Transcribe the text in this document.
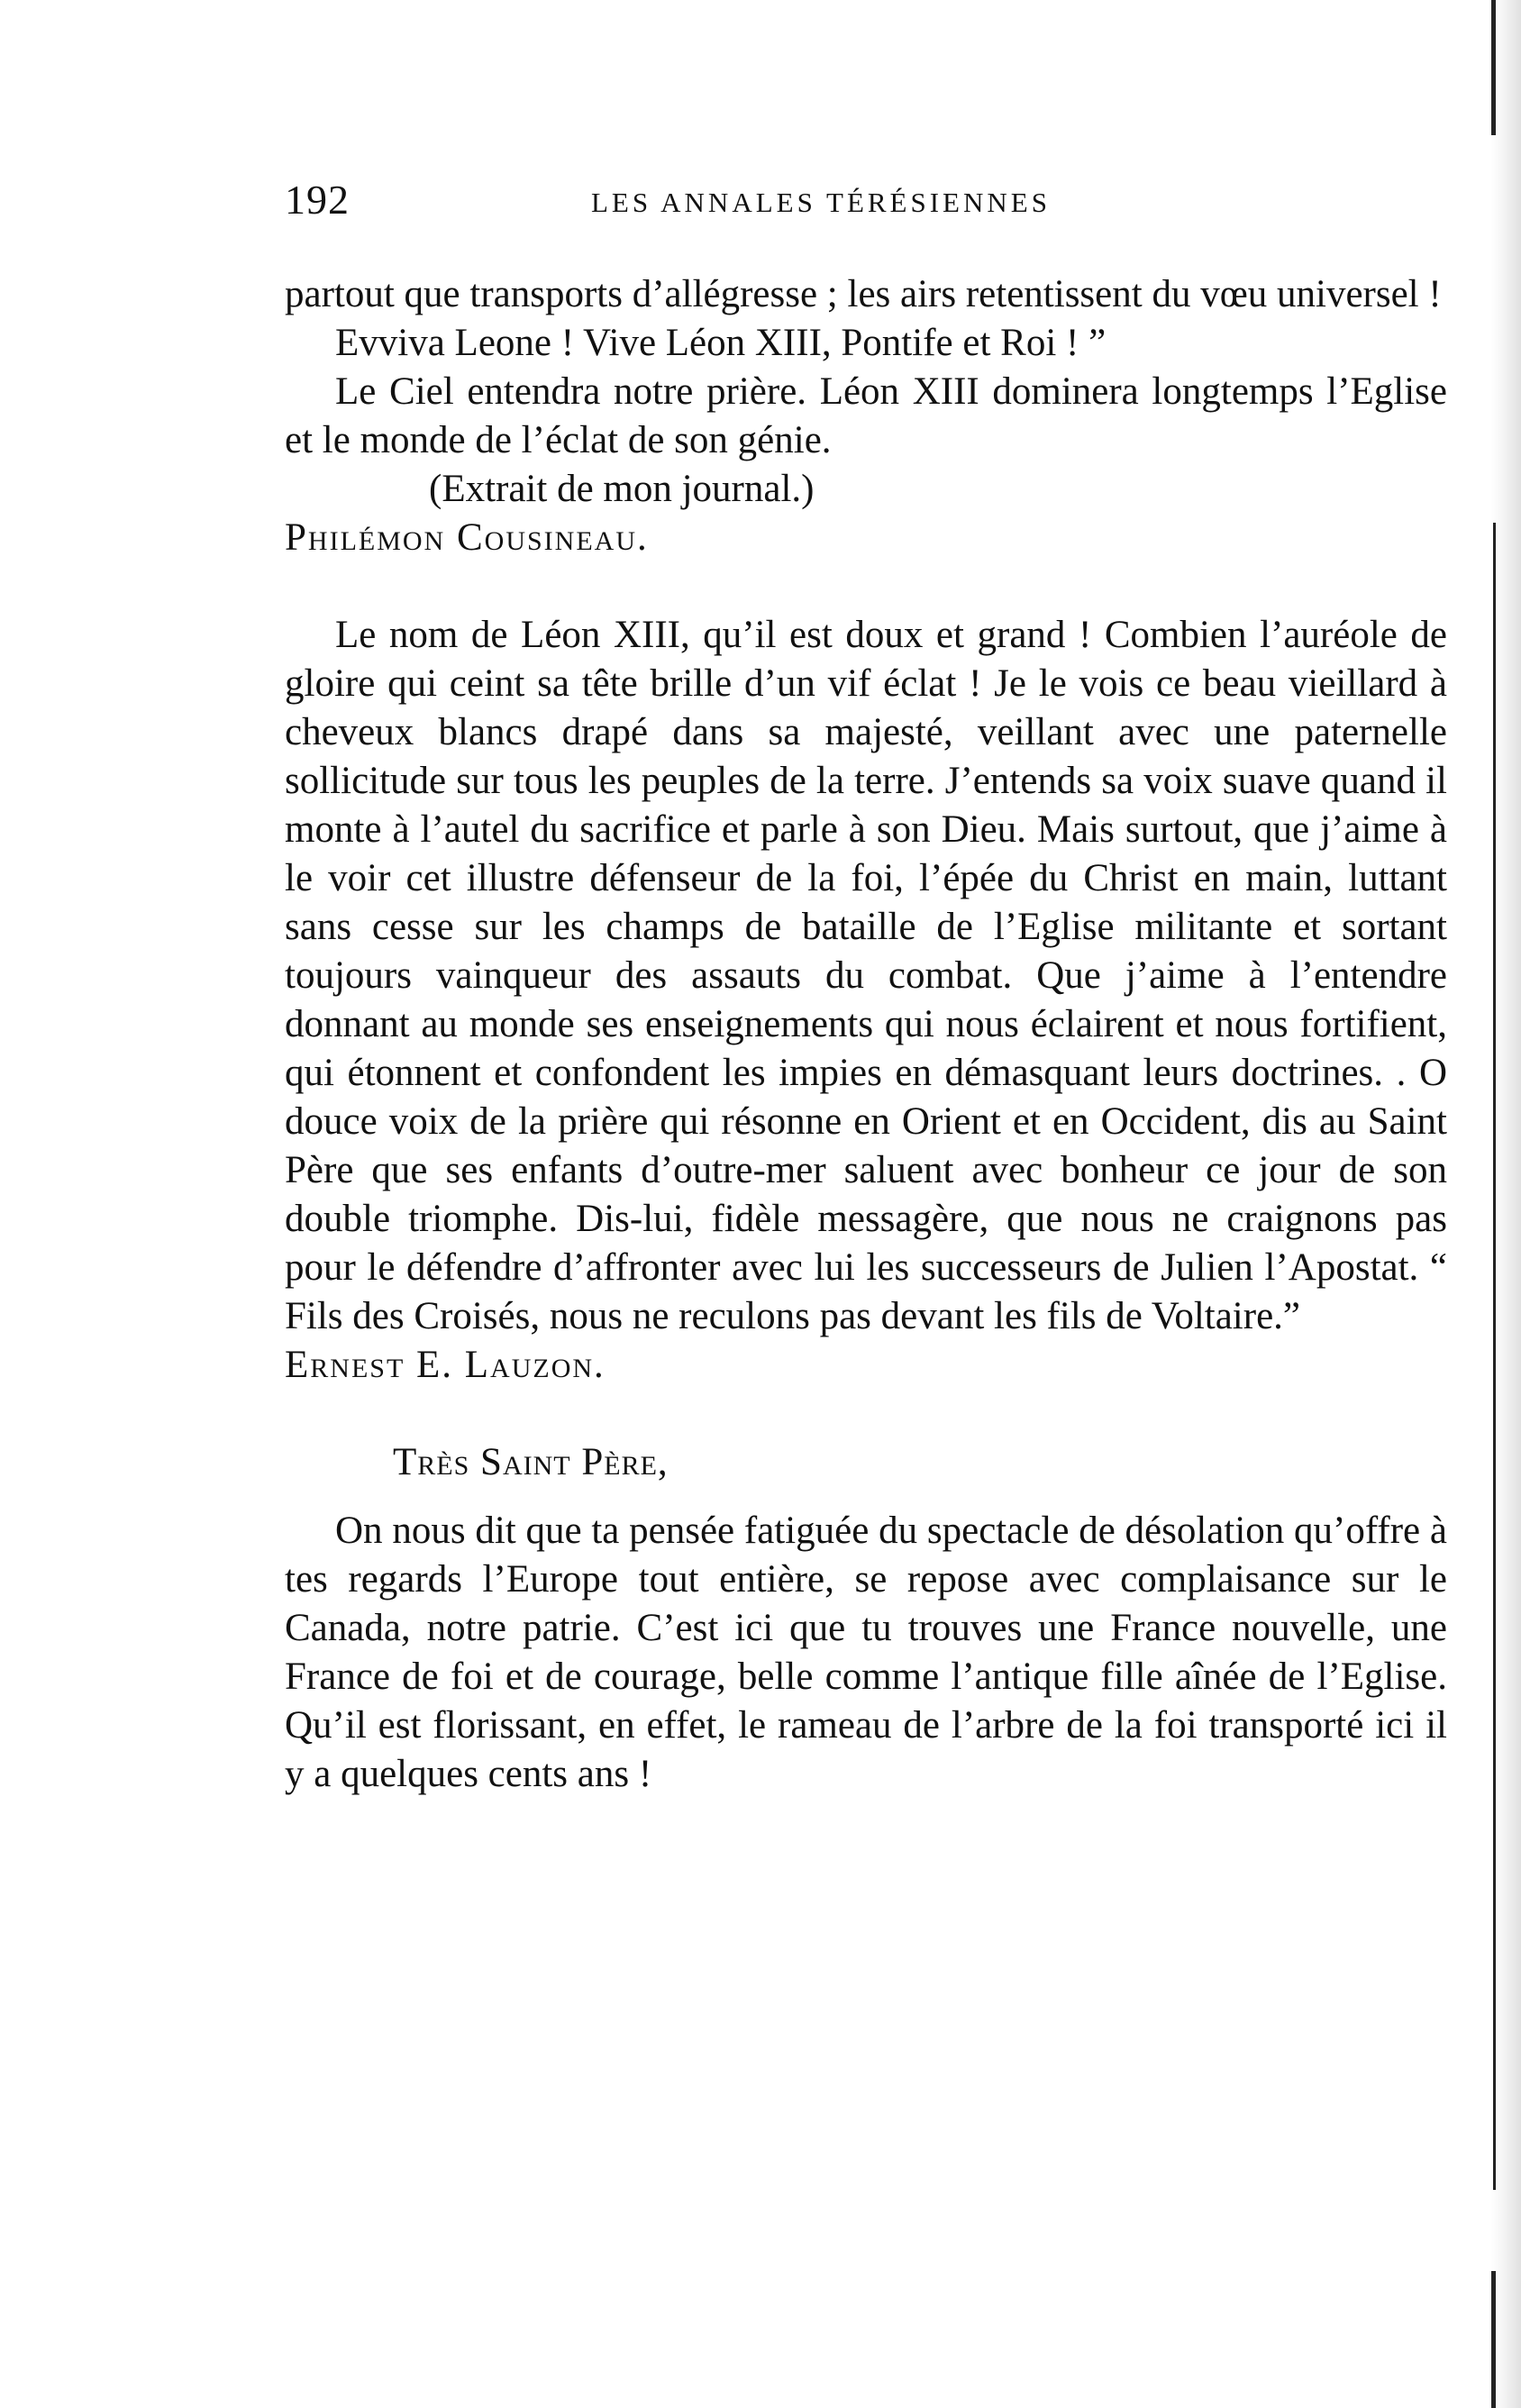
192	LES ANNALES TÉRÉSIENNES

partout que transports d’allégresse ; les airs retentissent du vœu universel !

Evviva Leone ! Vive Léon XIII, Pontife et Roi ! ”

Le Ciel entendra notre prière. Léon XIII dominera longtemps l’Eglise et le monde de l’éclat de son génie.

(Extrait de mon journal.)

Philémon Cousineau.

Le nom de Léon XIII, qu’il est doux et grand ! Combien l’auréole de gloire qui ceint sa tête brille d’un vif éclat ! Je le vois ce beau vieillard à cheveux blancs drapé dans sa majesté, veillant avec une paternelle sollicitude sur tous les peuples de la terre. J’entends sa voix suave quand il monte à l’autel du sacrifice et parle à son Dieu. Mais surtout, que j’aime à le voir cet illustre défenseur de la foi, l’épée du Christ en main, luttant sans cesse sur les champs de bataille de l’Eglise militante et sortant toujours vainqueur des assauts du combat. Que j’aime à l’entendre donnant au monde ses enseignements qui nous éclairent et nous fortifient, qui étonnent et confondent les impies en démasquant leurs doctrines. . O douce voix de la prière qui résonne en Orient et en Occident, dis au Saint Père que ses enfants d’outre-mer saluent avec bonheur ce jour de son double triomphe. Dis-lui, fidèle messagère, que nous ne craignons pas pour le défendre d’affronter avec lui les successeurs de Julien l’Apostat. “ Fils des Croisés, nous ne reculons pas devant les fils de Voltaire.”

Ernest E. Lauzon.

Très Saint Père,

On nous dit que ta pensée fatiguée du spectacle de désolation qu’offre à tes regards l’Europe tout entière, se repose avec complaisance sur le Canada, notre patrie. C’est ici que tu trouves une France nouvelle, une France de foi et de courage, belle comme l’antique fille aînée de l’Eglise. Qu’il est florissant, en effet, le rameau de l’arbre de la foi transporté ici il y a quelques cents ans !
